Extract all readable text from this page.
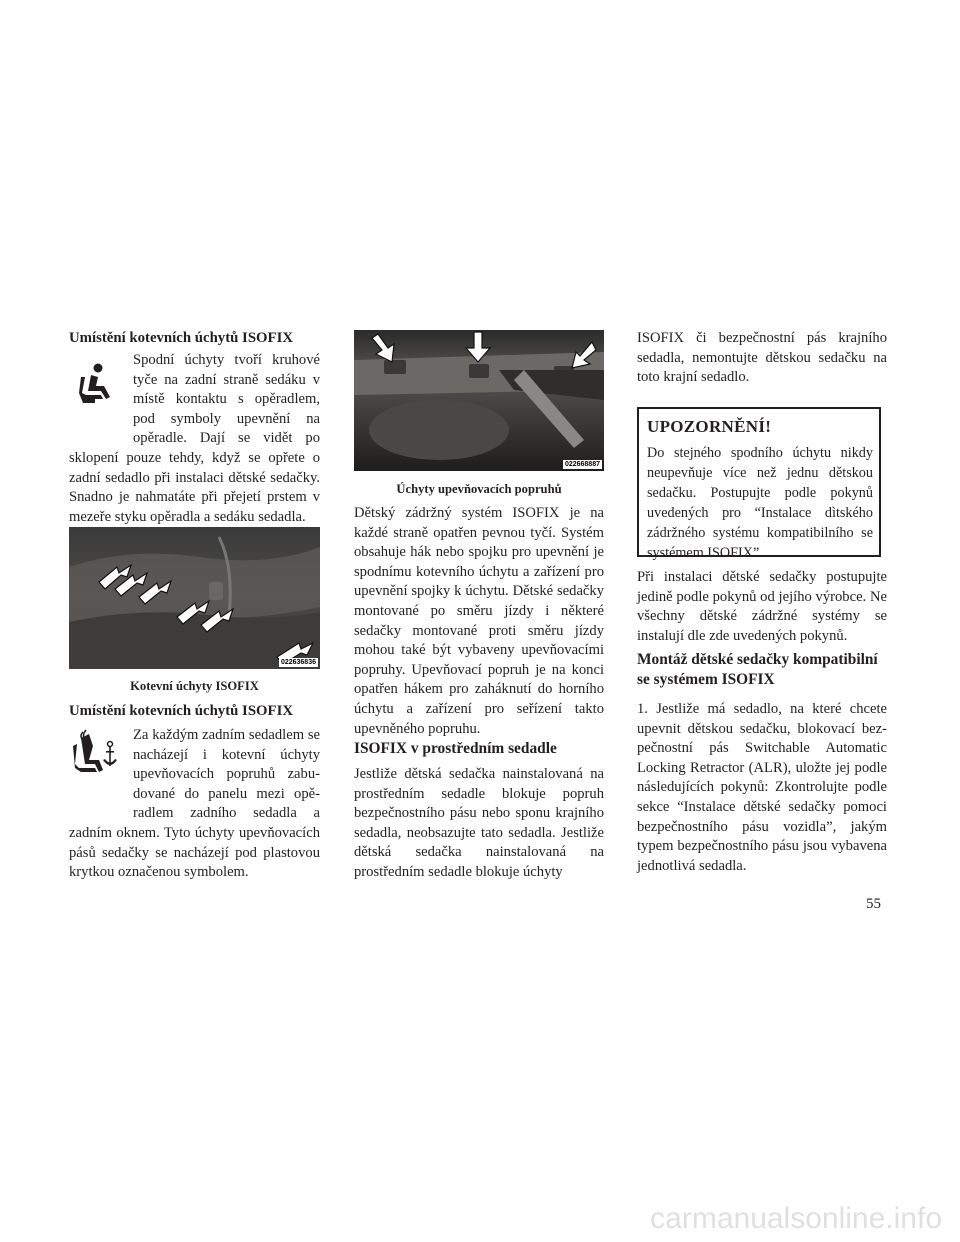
Umístění kotevních úchytů ISOFIX
Spodní úchyty tvoří kruhové tyče na zadní straně sedáku v místě kontaktu s opěradlem, pod symboly upevnění na opěradle. Dají se vidět po sklopení pouze tehdy, když se opřete o zadní sedadlo při instalaci dětské sedačky. Snadno je nahmatáte při přejetí prstem v mezeře styku opěradla a sedáku sedadla.
022636836
Kotevní úchyty ISOFIX
Umístění kotevních úchytů ISOFIX
Za každým zadním sedadlem se nacházejí i kotevní úchyty upevňovacích popruhů zabudované do panelu mezi opěradlem zadního sedadla a zadním oknem. Tyto úchyty upevňovacích pásů sedačky se nacházejí pod plastovou krytkou označenou symbolem.
022668887
Úchyty upevňovacích popruhů

Dětský zádržný systém ISOFIX je na každé straně opatřen pevnou tyčí. Systém obsahuje hák nebo spojku pro upevnění je spodnímu kotevního úchytu a zařízení pro upevnění spojky k úchytu. Dětské sedačky montované po směru jízdy i některé sedačky montované proti směru jízdy mohou také být vybaveny upevňovacími popruhy. Upevňovací popruh je na konci opatřen hákem pro zaháknutí do horního úchytu a zařízení pro seřízení takto upevněného popruhu.

ISOFIX v prostředním sedadle

Jestliže dětská sedačka nainstalovaná na prostředním sedadle blokuje popruh bezpečnostního pásu nebo sponu krajního sedadla, neobsazujte tato sedadla. Jestliže dětská sedačka nainstalovaná na prostředním sedadle blokuje úchyty

ISOFIX či bezpečnostní pás krajního sedadla, nemontujte dětskou sedačku na toto krajní sedadlo.

UPOZORNĚNÍ!
Do stejného spodního úchytu nikdy neupevňuje více než jednu dětskou sedačku. Postupujte podle pokynů uvedených pro “Instalace dìtského zádržného systému kompatibilního se systémem ISOFIX”.

Při instalaci dětské sedačky postupujte jedině podle pokynů od jejího výrobce. Ne všechny dětské zádržné systémy se instalují dle zde uvedených pokynů.

Montáž dětské sedačky kompatibilní se systémem ISOFIX

1. Jestliže má sedadlo, na které chcete upevnit dětskou sedačku, blokovací bezpečnostní pás Switchable Automatic Locking Retractor (ALR), uložte jej podle následujících pokynů: Zkontrolujte podle sekce “Instalace dětské sedačky pomoci bezpečnostního pásu vozidla”, jakým typem bezpečnostního pásu jsou vybavena jednotlivá sedadla.

55
carmanualsonline.info
